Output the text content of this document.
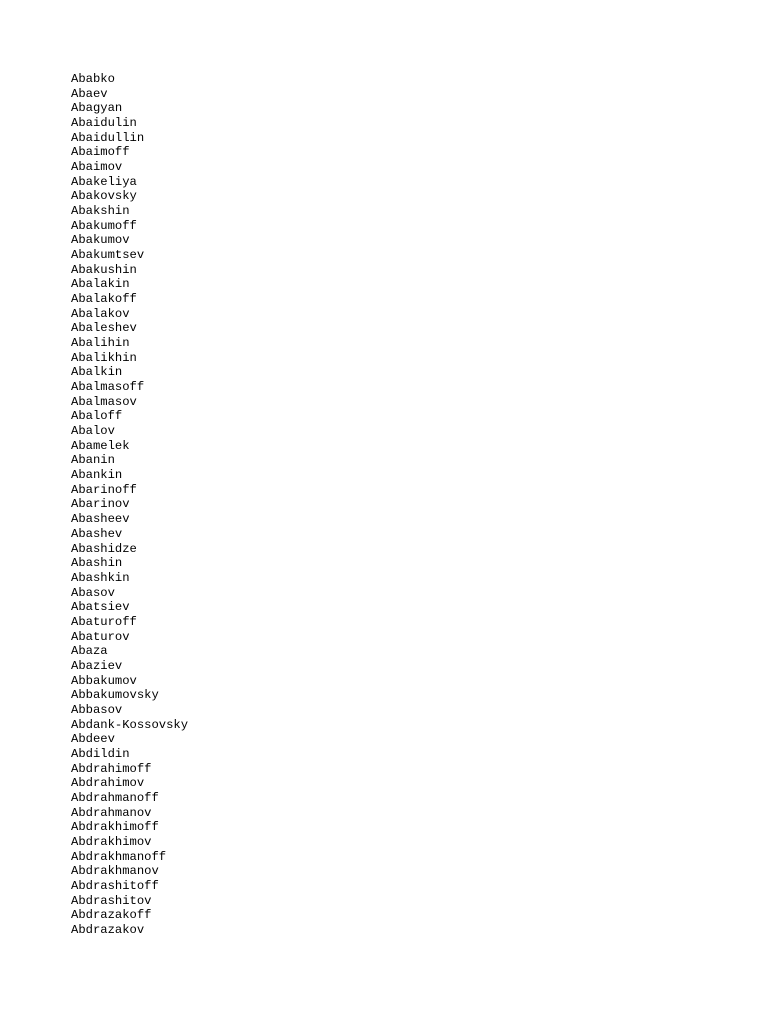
Ababko
Abaev
Abagyan
Abaidulin
Abaidullin
Abaimoff
Abaimov
Abakeliya
Abakovsky
Abakshin
Abakumoff
Abakumov
Abakumtsev
Abakushin
Abalakin
Abalakoff
Abalakov
Abaleshev
Abalihin
Abalikhin
Abalkin
Abalmasoff
Abalmasov
Abaloff
Abalov
Abamelek
Abanin
Abankin
Abarinoff
Abarinov
Abasheev
Abashev
Abashidze
Abashin
Abashkin
Abasov
Abatsiev
Abaturoff
Abaturov
Abaza
Abaziev
Abbakumov
Abbakumovsky
Abbasov
Abdank-Kossovsky
Abdeev
Abdildin
Abdrahimoff
Abdrahimov
Abdrahmanoff
Abdrahmanov
Abdrakhimoff
Abdrakhimov
Abdrakhmanoff
Abdrakhmanov
Abdrashitoff
Abdrashitov
Abdrazakoff
Abdrazakov
